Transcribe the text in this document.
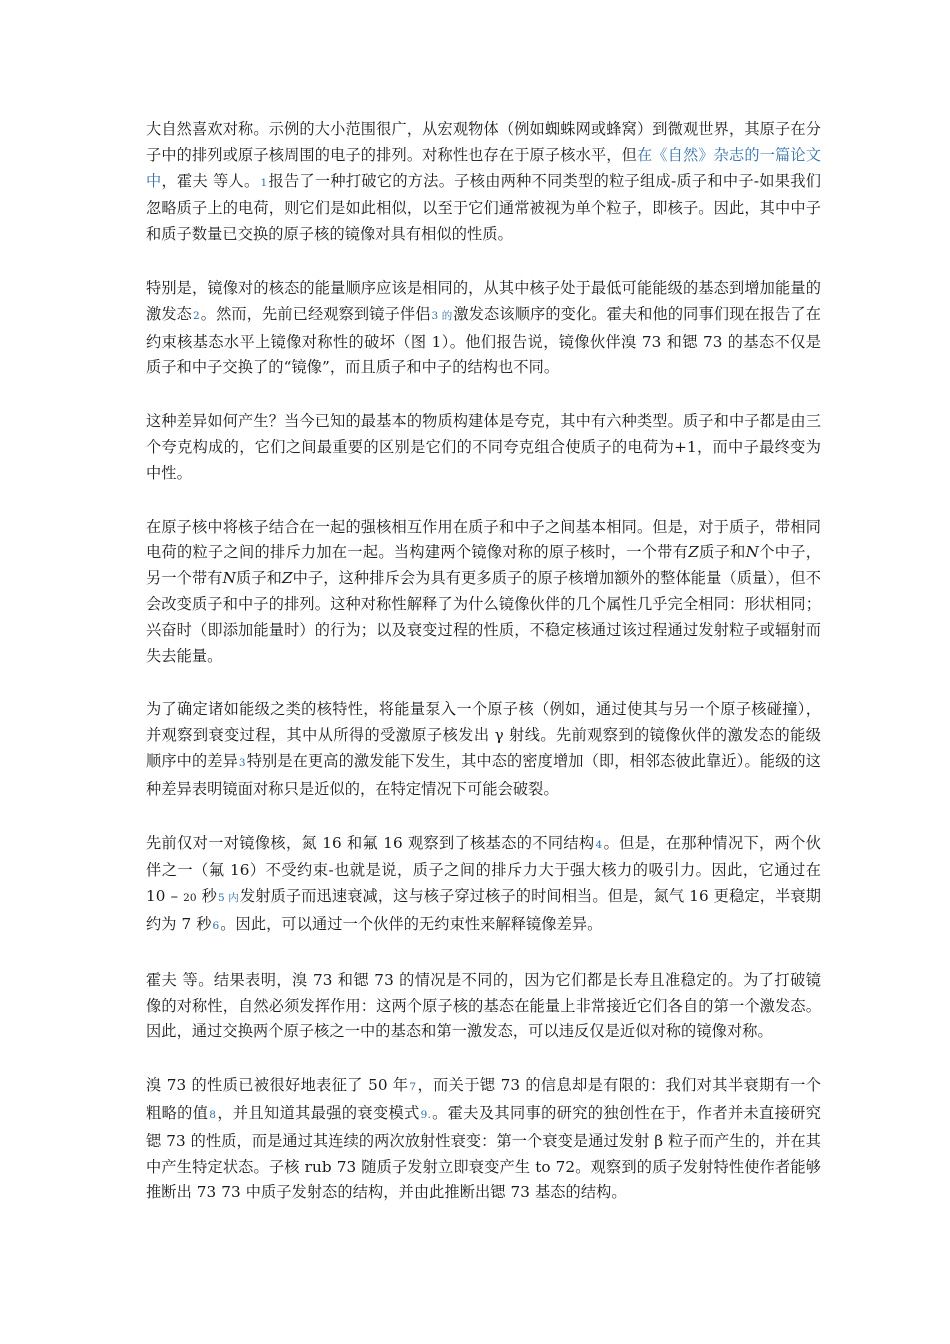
大自然喜欢对称。示例的大小范围很广，从宏观物体（例如蜘蛛网或蜂窝）到微观世界，其原子在分子中的排列或原子核周围的电子的排列。对称性也存在于原子核水平，但在《自然》杂志的一篇论文中，霍夫 等人。1报告了一种打破它的方法。子核由两种不同类型的粒子组成-质子和中子-如果我们忽略质子上的电荷，则它们是如此相似，以至于它们通常被视为单个粒子，即核子。因此，其中中子和质子数量已交换的原子核的镜像对具有相似的性质。

特别是，镜像对的核态的能量顺序应该是相同的，从其中核子处于最低可能能级的基态到增加能量的激发态2。然而，先前已经观察到镜子伴侣3 的激发态该顺序的变化。霍夫和他的同事们现在报告了在约束核基态水平上镜像对称性的破坏（图 1）。他们报告说，镜像伙伴溴 73 和锶 73 的基态不仅是质子和中子交换了的“镜像”，而且质子和中子的结构也不同。

这种差异如何产生？当今已知的最基本的物质构建体是夸克，其中有六种类型。质子和中子都是由三个夸克构成的，它们之间最重要的区别是它们的不同夸克组合使质子的电荷为+1，而中子最终变为中性。

在原子核中将核子结合在一起的强核相互作用在质子和中子之间基本相同。但是，对于质子，带相同电荷的粒子之间的排斥力加在一起。当构建两个镜像对称的原子核时，一个带有Z质子和N个中子，另一个带有N质子和Z中子，这种排斥会为具有更多质子的原子核增加额外的整体能量（质量），但不会改变质子和中子的排列。这种对称性解释了为什么镜像伙伴的几个属性几乎完全相同：形状相同；兴奋时（即添加能量时）的行为；以及衰变过程的性质，不稳定核通过该过程通过发射粒子或辐射而失去能量。

为了确定诸如能级之类的核特性，将能量泵入一个原子核（例如，通过使其与另一个原子核碰撞），并观察到衰变过程，其中从所得的受激原子核发出 γ 射线。先前观察到的镜像伙伴的激发态的能级顺序中的差异3特别是在更高的激发能下发生，其中态的密度增加（即，相邻态彼此靠近）。能级的这种差异表明镜面对称只是近似的，在特定情况下可能会破裂。

先前仅对一对镜像核，氮 16 和氟 16 观察到了核基态的不同结构4。但是，在那种情况下，两个伙伴之一（氟 16）不受约束-也就是说，质子之间的排斥力大于强大核力的吸引力。因此，它通过在 10 – 20 秒5 内发射质子而迅速衰减，这与核子穿过核子的时间相当。但是，氮气 16 更稳定，半衰期约为 7 秒6。因此，可以通过一个伙伴的无约束性来解释镜像差异。

霍夫 等。结果表明，溴 73 和锶 73 的情况是不同的，因为它们都是长寿且准稳定的。为了打破镜像的对称性，自然必须发挥作用：这两个原子核的基态在能量上非常接近它们各自的第一个激发态。因此，通过交换两个原子核之一中的基态和第一激发态，可以违反仅是近似对称的镜像对称。

溴 73 的性质已被很好地表征了 50 年7，而关于锶 73 的信息却是有限的：我们对其半衰期有一个粗略的值8，并且知道其最强的衰变模式9.。霍夫及其同事的研究的独创性在于，作者并未直接研究锶 73 的性质，而是通过其连续的两次放射性衰变：第一个衰变是通过发射 β 粒子而产生的，并在其中产生特定状态。子核 rub 73 随质子发射立即衰变产生 to 72。观察到的质子发射特性使作者能够推断出 73 73 中质子发射态的结构，并由此推断出锶 73 基态的结构。
